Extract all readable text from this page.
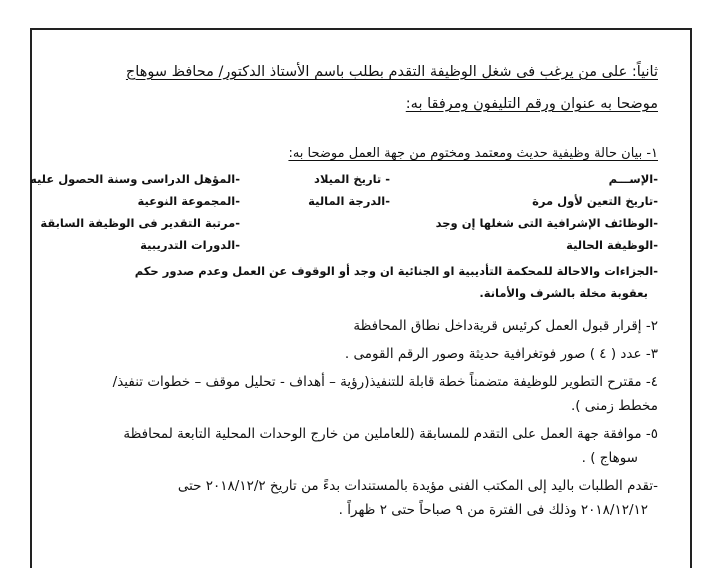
ثانياً: على من يرغب فى شغل الوظيفة التقدم بطلب باسم الأستاذ الدكتور/ محافظ سوهاج
موضحا به عنوان ورقم التليفون ومرفقا به:
١- بيان حالة وظيفية حديث ومعتمد ومختوم من جهة العمل موضحا به:
-الإســـم
- تاريخ الميلاد
-المؤهل الدراسى وسنة الحصول عليه
-تاريخ التعين لأول مرة
-الدرجة المالية
-المجموعة النوعية
-الوظائف الإشرافية التى شغلها إن وجد
-مرتبة التقدير فى الوظيفة السابقة
-الوظيفة الحالية
-الدورات التدريبية
-الجزاءات والاحالة للمحكمة التأديبية او الجنائية ان وجد أو الوقوف عن العمل وعدم صدور حكم
بعقوبة مخلة بالشرف والأمانة.
٢- إقرار قبول العمل كرئيس قريةداخل نطاق المحافظة
٣- عدد ( ٤ ) صور فوتغرافية حديثة وصور الرقم القومى .
٤- مقترح التطوير للوظيفة متضمناً خطة قابلة للتنفيذ(رؤية – أهداف - تحليل موقف – خطوات تنفيذ/
مخطط زمنى ).
٥- موافقة جهة العمل على التقدم للمسابقة (للعاملين من خارج الوحدات المحلية التابعة لمحافظة
سوهاج ) .
-تقدم الطلبات باليد إلى المكتب الفنى مؤيدة بالمستندات بدءً من تاريخ ٢٠١٨/١٢/٢ حتى
٢٠١٨/١٢/١٢ وذلك فى الفترة من ٩ صباحاً حتى ٢ ظهراً .
